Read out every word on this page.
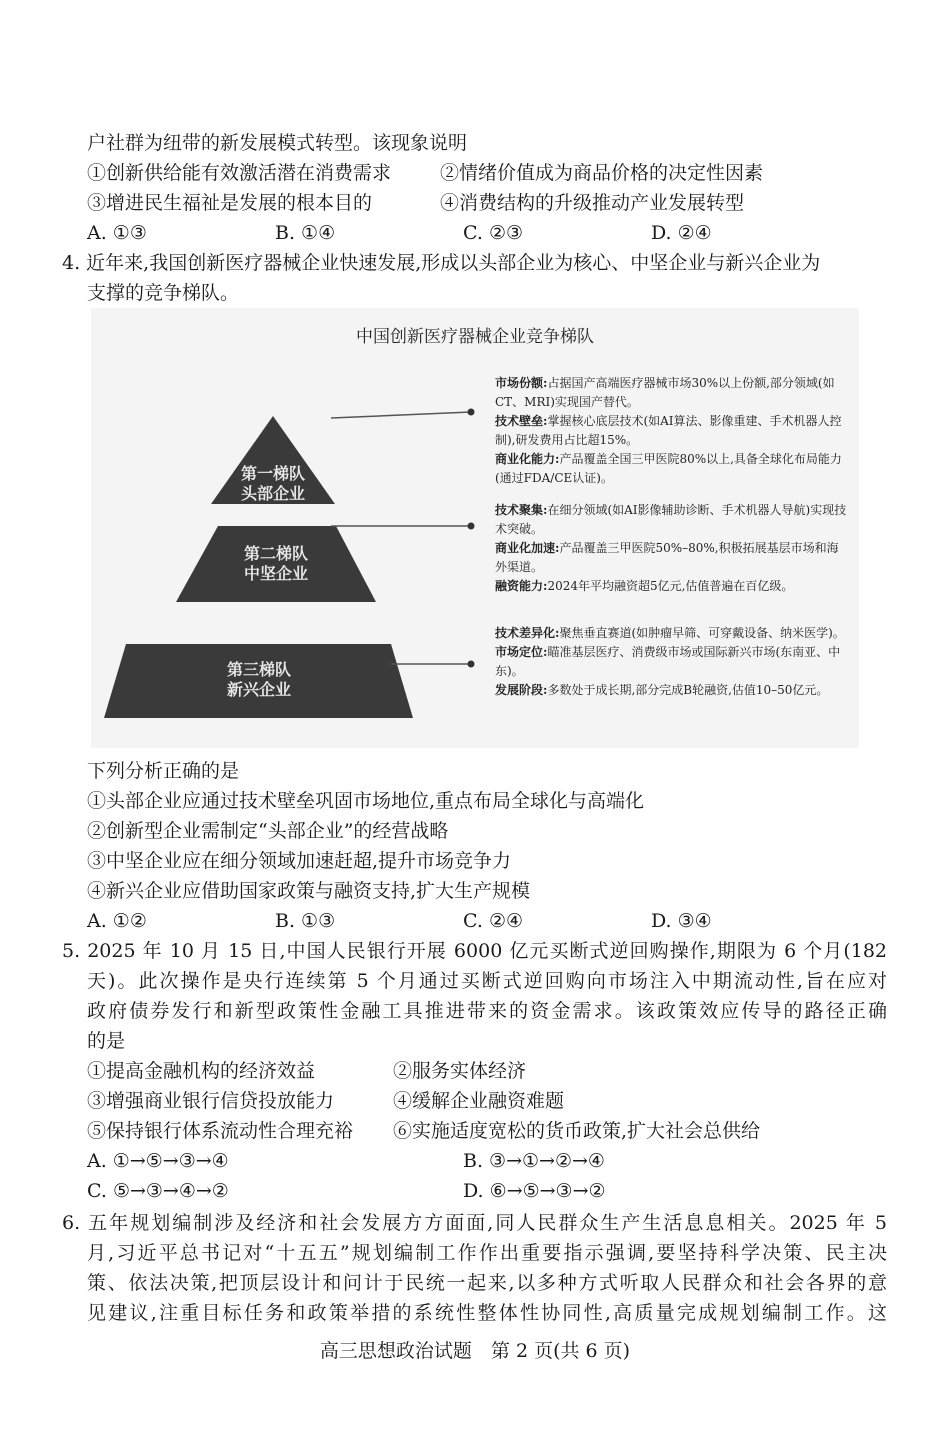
户社群为纽带的新发展模式转型。该现象说明
①创新供给能有效激活潜在消费需求	②情绪价值成为商品价格的决定性因素
③增进民生福祉是发展的根本目的	④消费结构的升级推动产业发展转型
A. ①③	B. ①④	C. ②③	D. ②④
4. 近年来,我国创新医疗器械企业快速发展,形成以头部企业为核心、中坚企业与新兴企业为
支撑的竞争梯队。
中国创新医疗器械企业竞争梯队
第一梯队
头部企业
第二梯队
中坚企业
第三梯队
新兴企业
市场份额:占据国产高端医疗器械市场30%以上份额,部分领域(如CT、MRI)实现国产替代。
技术壁垒:掌握核心底层技术(如AI算法、影像重建、手术机器人控制),研发费用占比超15%。
商业化能力:产品覆盖全国三甲医院80%以上,具备全球化布局能力(通过FDA/CE认证)。
技术聚集:在细分领域(如AI影像辅助诊断、手术机器人导航)实现技术突破。
商业化加速:产品覆盖三甲医院50%–80%,积极拓展基层市场和海外渠道。
融资能力:2024年平均融资超5亿元,估值普遍在百亿级。
技术差异化:聚焦垂直赛道(如肿瘤早筛、可穿戴设备、纳米医学)。
市场定位:瞄准基层医疗、消费级市场或国际新兴市场(东南亚、中东)。
发展阶段:多数处于成长期,部分完成B轮融资,估值10–50亿元。
下列分析正确的是
①头部企业应通过技术壁垒巩固市场地位,重点布局全球化与高端化
②创新型企业需制定“头部企业”的经营战略
③中坚企业应在细分领域加速赶超,提升市场竞争力
④新兴企业应借助国家政策与融资支持,扩大生产规模
A. ①②	B. ①③	C. ②④	D. ③④
5. 2025 年 10 月 15 日,中国人民银行开展 6000 亿元买断式逆回购操作,期限为 6 个月(182
天)。此次操作是央行连续第 5 个月通过买断式逆回购向市场注入中期流动性,旨在应对
政府债券发行和新型政策性金融工具推进带来的资金需求。该政策效应传导的路径正确
的是
①提高金融机构的经济效益	②服务实体经济
③增强商业银行信贷投放能力	④缓解企业融资难题
⑤保持银行体系流动性合理充裕 ⑥实施适度宽松的货币政策,扩大社会总供给
A. ①→⑤→③→④	B. ③→①→②→④
C. ⑤→③→④→②	D. ⑥→⑤→③→②
6. 五年规划编制涉及经济和社会发展方方面面,同人民群众生产生活息息相关。2025 年 5
月,习近平总书记对“十五五”规划编制工作作出重要指示强调,要坚持科学决策、民主决
策、依法决策,把顶层设计和问计于民统一起来,以多种方式听取人民群众和社会各界的意
见建议,注重目标任务和政策举措的系统性整体性协同性,高质量完成规划编制工作。这
高三思想政治试题　第 2 页(共 6 页)
